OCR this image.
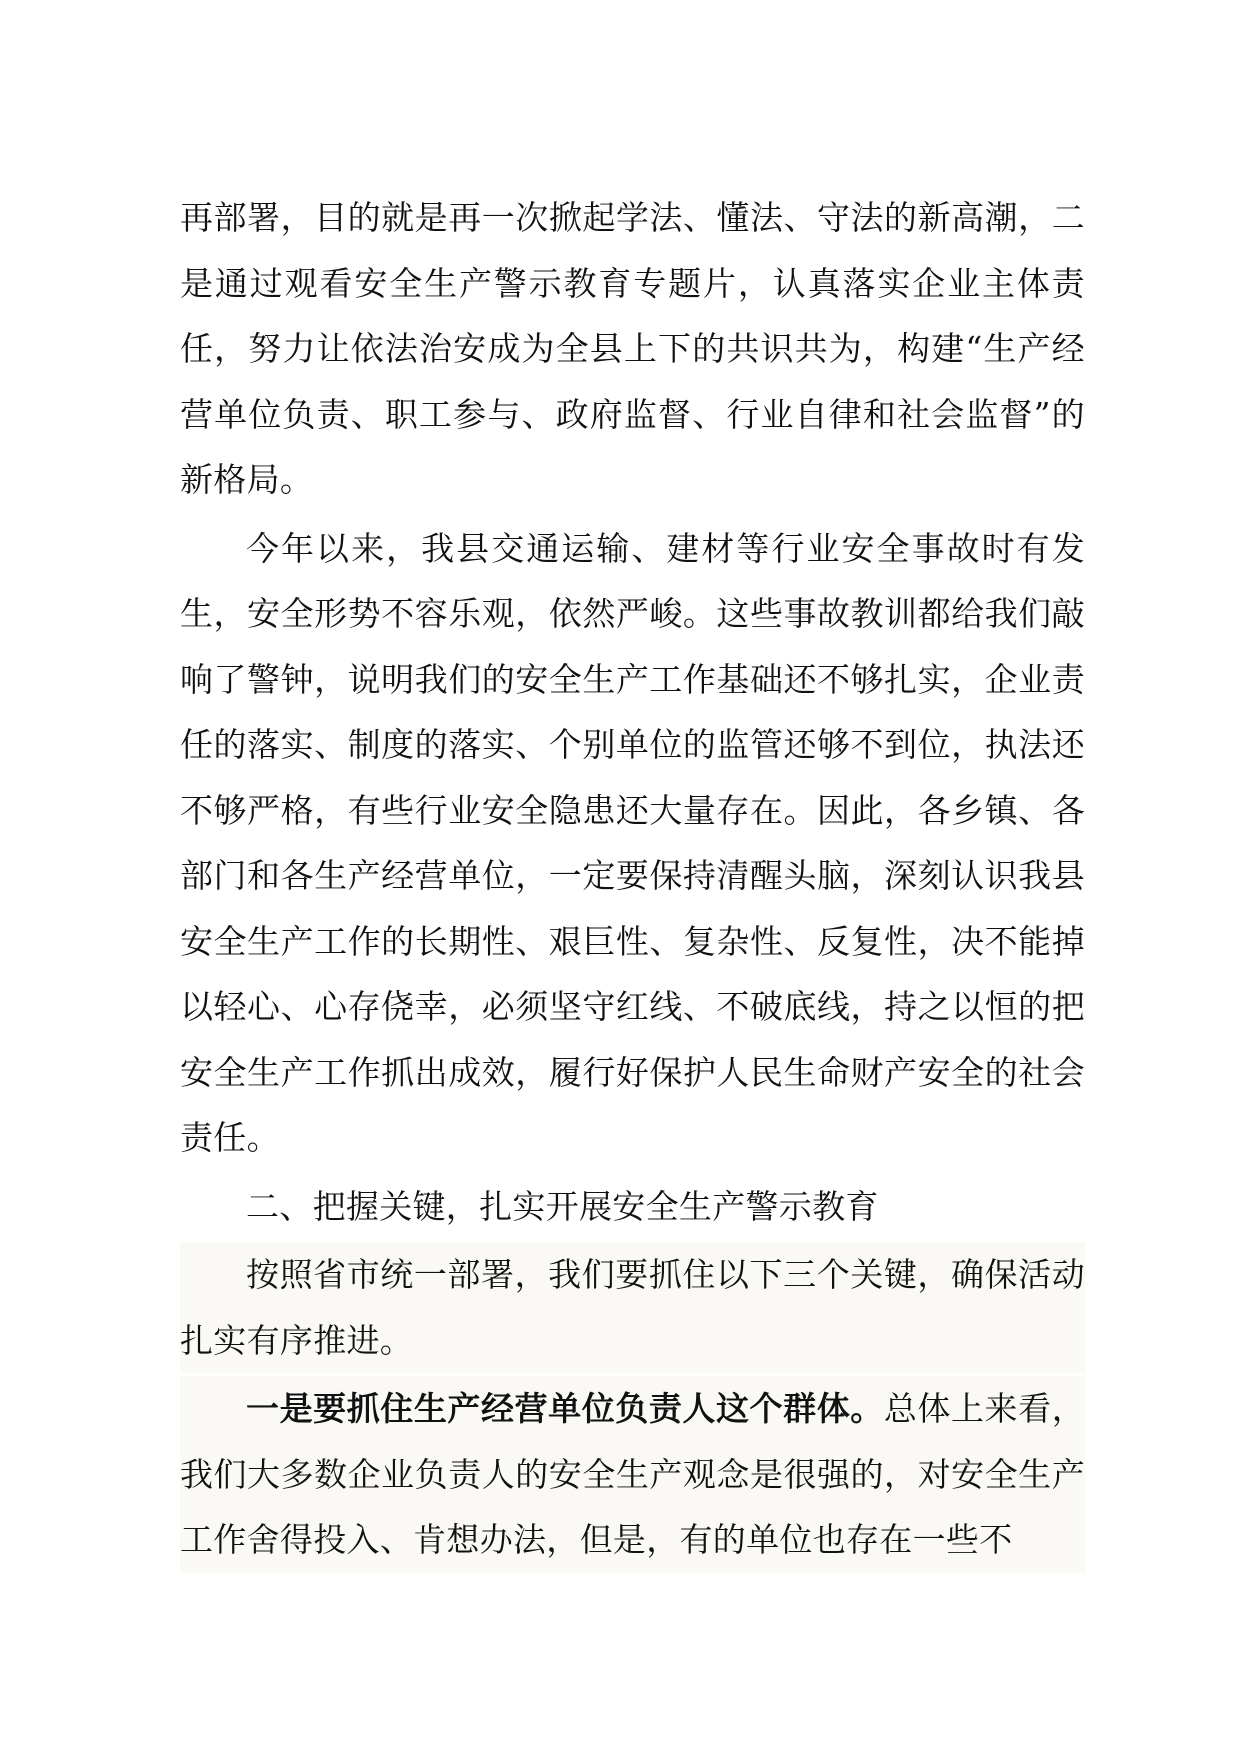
再部署，目的就是再一次掀起学法、懂法、守法的新高潮，二是通过观看安全生产警示教育专题片，认真落实企业主体责任，努力让依法治安成为全县上下的共识共为，构建“生产经营单位负责、职工参与、政府监督、行业自律和社会监督”的新格局。

今年以来，我县交通运输、建材等行业安全事故时有发生，安全形势不容乐观，依然严峻。这些事故教训都给我们敲响了警钟，说明我们的安全生产工作基础还不够扎实，企业责任的落实、制度的落实、个别单位的监管还够不到位，执法还不够严格，有些行业安全隐患还大量存在。因此，各乡镇、各部门和各生产经营单位，一定要保持清醒头脑，深刻认识我县安全生产工作的长期性、艰巨性、复杂性、反复性，决不能掉以轻心、心存侥幸，必须坚守红线、不破底线，持之以恒的把安全生产工作抓出成效，履行好保护人民生命财产安全的社会责任。

二、把握关键，扎实开展安全生产警示教育

按照省市统一部署，我们要抓住以下三个关键，确保活动扎实有序推进。

一是要抓住生产经营单位负责人这个群体。总体上来看，我们大多数企业负责人的安全生产观念是很强的，对安全生产工作舍得投入、肯想办法，但是，有的单位也存在一些不
